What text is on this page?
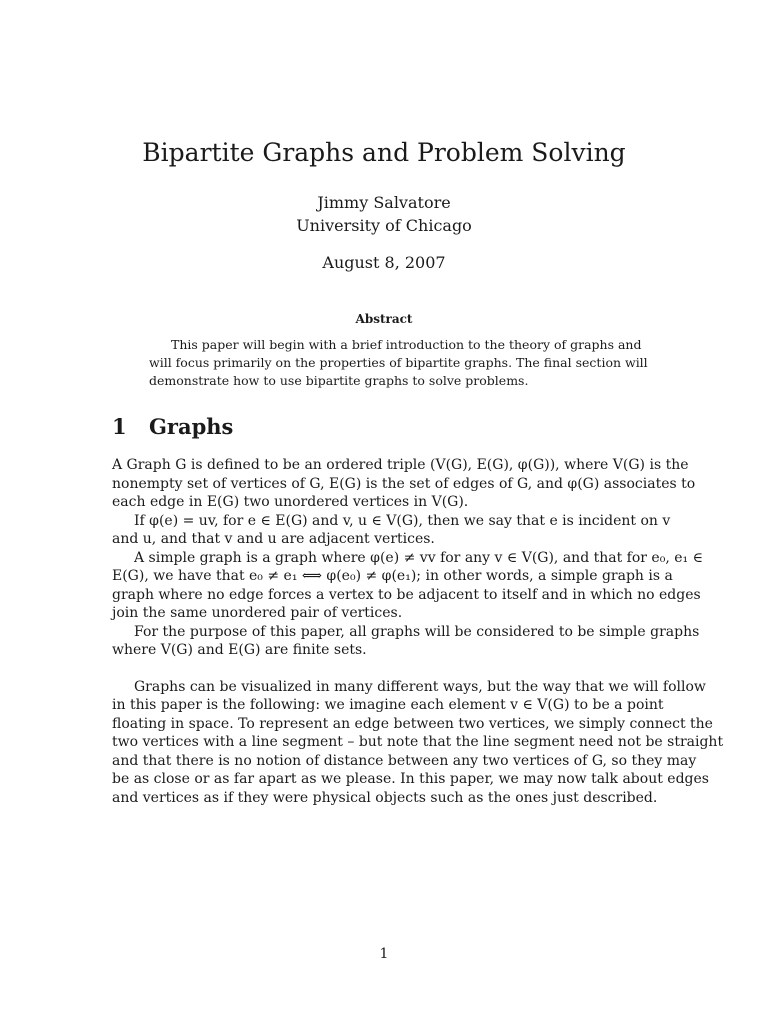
Bipartite Graphs and Problem Solving
Jimmy Salvatore
University of Chicago
August 8, 2007
Abstract
This paper will begin with a brief introduction to the theory of graphs and
will focus primarily on the properties of bipartite graphs. The final section will
demonstrate how to use bipartite graphs to solve problems.
1 Graphs
A Graph G is defined to be an ordered triple (V(G), E(G), φ(G)), where V(G) is the
nonempty set of vertices of G, E(G) is the set of edges of G, and φ(G) associates to
each edge in E(G) two unordered vertices in V(G).
If φ(e) = uv, for e ∈ E(G) and v, u ∈ V(G), then we say that e is incident on v
and u, and that v and u are adjacent vertices.
A simple graph is a graph where φ(e) ≠ vv for any v ∈ V(G), and that for e₀, e₁ ∈
E(G), we have that e₀ ≠ e₁ ⟺ φ(e₀) ≠ φ(e₁); in other words, a simple graph is a
graph where no edge forces a vertex to be adjacent to itself and in which no edges
join the same unordered pair of vertices.
For the purpose of this paper, all graphs will be considered to be simple graphs
where V(G) and E(G) are finite sets.
Graphs can be visualized in many different ways, but the way that we will follow
in this paper is the following: we imagine each element v ∈ V(G) to be a point
floating in space. To represent an edge between two vertices, we simply connect the
two vertices with a line segment – but note that the line segment need not be straight
and that there is no notion of distance between any two vertices of G, so they may
be as close or as far apart as we please. In this paper, we may now talk about edges
and vertices as if they were physical objects such as the ones just described.
1
